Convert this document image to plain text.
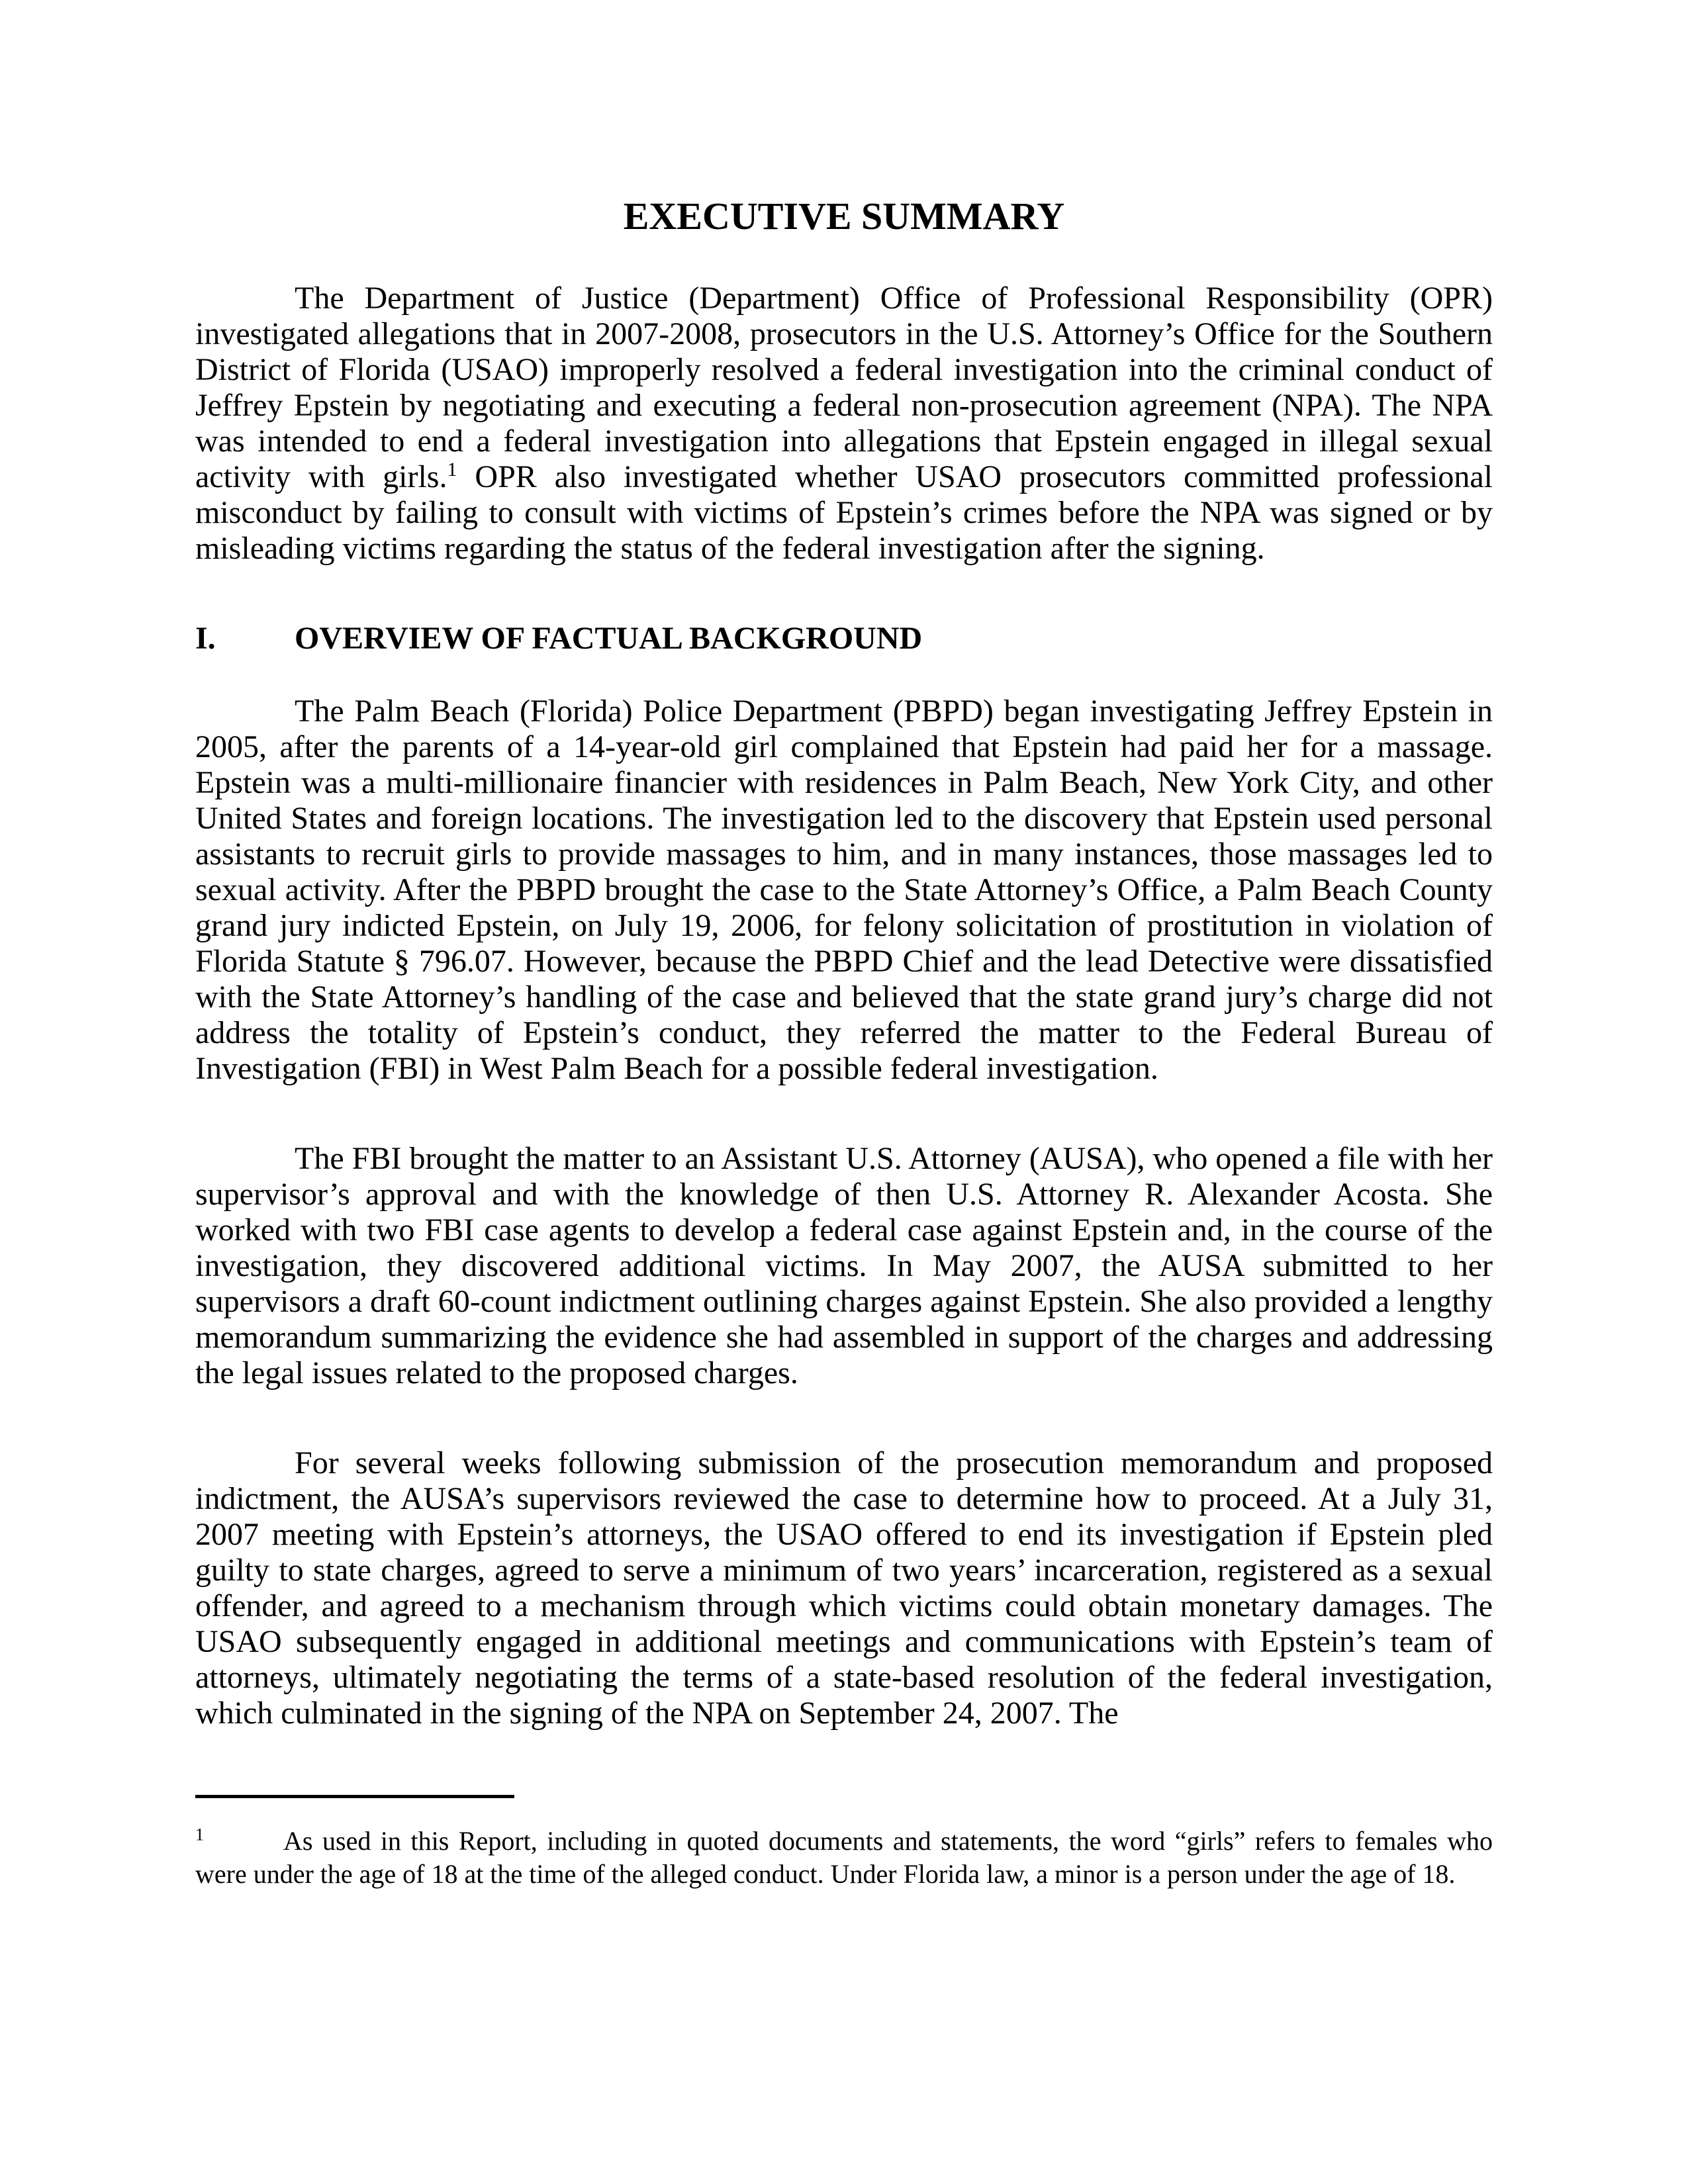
EXECUTIVE SUMMARY

The Department of Justice (Department) Office of Professional Responsibility (OPR) investigated allegations that in 2007-2008, prosecutors in the U.S. Attorney’s Office for the Southern District of Florida (USAO) improperly resolved a federal investigation into the criminal conduct of Jeffrey Epstein by negotiating and executing a federal non-prosecution agreement (NPA). The NPA was intended to end a federal investigation into allegations that Epstein engaged in illegal sexual activity with girls.$^1$ OPR also investigated whether USAO prosecutors committed professional misconduct by failing to consult with victims of Epstein’s crimes before the NPA was signed or by misleading victims regarding the status of the federal investigation after the signing.

I.	OVERVIEW OF FACTUAL BACKGROUND

The Palm Beach (Florida) Police Department (PBPD) began investigating Jeffrey Epstein in 2005, after the parents of a 14-year-old girl complained that Epstein had paid her for a massage. Epstein was a multi-millionaire financier with residences in Palm Beach, New York City, and other United States and foreign locations. The investigation led to the discovery that Epstein used personal assistants to recruit girls to provide massages to him, and in many instances, those massages led to sexual activity. After the PBPD brought the case to the State Attorney’s Office, a Palm Beach County grand jury indicted Epstein, on July 19, 2006, for felony solicitation of prostitution in violation of Florida Statute § 796.07. However, because the PBPD Chief and the lead Detective were dissatisfied with the State Attorney’s handling of the case and believed that the state grand jury’s charge did not address the totality of Epstein’s conduct, they referred the matter to the Federal Bureau of Investigation (FBI) in West Palm Beach for a possible federal investigation.

The FBI brought the matter to an Assistant U.S. Attorney (AUSA), who opened a file with her supervisor’s approval and with the knowledge of then U.S. Attorney R. Alexander Acosta. She worked with two FBI case agents to develop a federal case against Epstein and, in the course of the investigation, they discovered additional victims. In May 2007, the AUSA submitted to her supervisors a draft 60-count indictment outlining charges against Epstein. She also provided a lengthy memorandum summarizing the evidence she had assembled in support of the charges and addressing the legal issues related to the proposed charges.

For several weeks following submission of the prosecution memorandum and proposed indictment, the AUSA’s supervisors reviewed the case to determine how to proceed. At a July 31, 2007 meeting with Epstein’s attorneys, the USAO offered to end its investigation if Epstein pled guilty to state charges, agreed to serve a minimum of two years’ incarceration, registered as a sexual offender, and agreed to a mechanism through which victims could obtain monetary damages. The USAO subsequently engaged in additional meetings and communications with Epstein’s team of attorneys, ultimately negotiating the terms of a state-based resolution of the federal investigation, which culminated in the signing of the NPA on September 24, 2007. The

$^1$	As used in this Report, including in quoted documents and statements, the word “girls” refers to females who were under the age of 18 at the time of the alleged conduct. Under Florida law, a minor is a person under the age of 18.
